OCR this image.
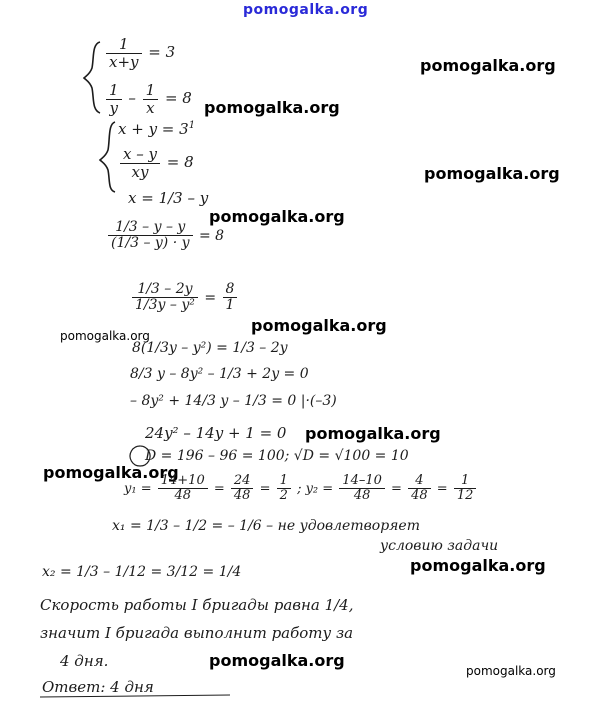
pomogalka.org
pomogalka.org
pomogalka.org
pomogalka.org
pomogalka.org
pomogalka.org
pomogalka.org
pomogalka.org
pomogalka.org
pomogalka.org
pomogalka.org
pomogalka.org
$\frac{1}{x+y} = 3$
$\frac{1}{y} - \frac{1}{x} = 8$
$x + y = 3^1$
$\frac{x - y}{xy} = 8$
x = 1/3 – y
$\frac{1/3 - y - y}{(1/3 - y) \cdot y} = 8$
$\frac{1/3 - 2y}{\text{1/3y – y²}} = \frac{8}{1}$
8(1/3y – y²) = 1/3 – 2y
8/3 y – 8y² – 1/3 + 2y = 0
– 8y² + 14/3 y – 1/3 = 0 |·(–3)
24y² – 14y + 1 = 0
D = 196 – 96 = 100; √D = √100 = 10
$y_1 = \frac{14+10}{48} = \frac{24}{48} = \frac{1}{2}$ ; $y_2 = \frac{14-10}{48} = \frac{4}{48} = \frac{1}{12}$
x₁ = 1/3 – 1/2 = – 1/6 – не удовлетворяет
условию задачи
x₂ = 1/3 – 1/12 = 3/12 = 1/4
Скорость работы I бригады равна 1/4,
значит I бригада выполнит работу за
4 дня.
Ответ: 4 дня
